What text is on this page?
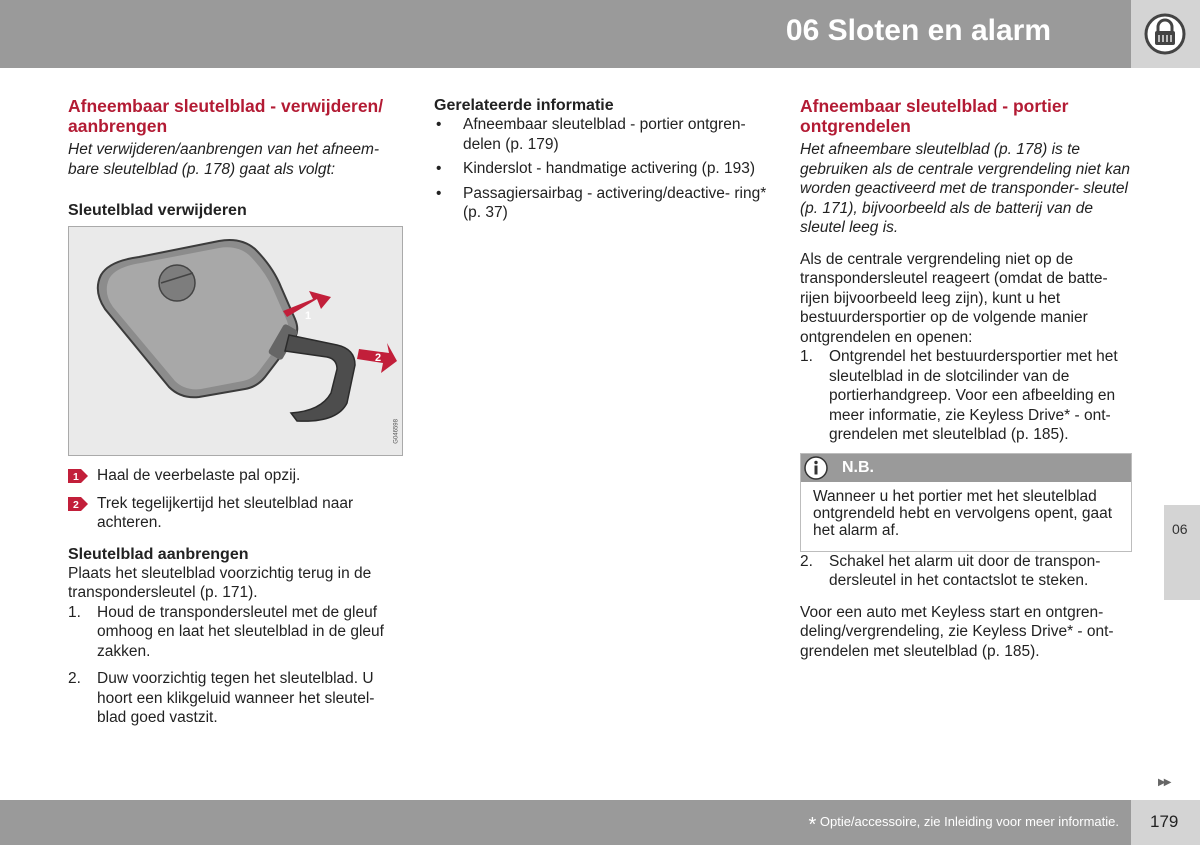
06 Sloten en alarm
Afneembaar sleutelblad - verwijderen/ aanbrengen

Het verwijderen/aanbrengen van het afneem- bare sleutelblad (p. 178) gaat als volgt:

Sleutelblad verwijderen
1
2
G046598
1 Haal de veerbelaste pal opzij.

2 Trek tegelijkertijd het sleutelblad naar achteren.

Sleutelblad aanbrengen

Plaats het sleutelblad voorzichtig terug in de transpondersleutel (p. 171).

1. Houd de transpondersleutel met de gleuf omhoog en laat het sleutelblad in de gleuf zakken.
2. Duw voorzichtig tegen het sleutelblad. U hoort een klikgeluid wanneer het sleutel- blad goed vastzit.
Gerelateerde informatie
• Afneembaar sleutelblad - portier ontgren- delen (p. 179)
• Kinderslot - handmatige activering (p. 193)
• Passagiersairbag - activering/deactive- ring* (p. 37)
Afneembaar sleutelblad - portier ontgrendelen

Het afneembare sleutelblad (p. 178) is te gebruiken als de centrale vergrendeling niet kan worden geactiveerd met de transponder- sleutel (p. 171), bijvoorbeeld als de batterij van de sleutel leeg is.

Als de centrale vergrendeling niet op de transpondersleutel reageert (omdat de batte- rijen bijvoorbeeld leeg zijn), kunt u het bestuurdersportier op de volgende manier ontgrendelen en openen:

1. Ontgrendel het bestuurdersportier met het sleutelblad in de slotcilinder van de portierhandgreep. Voor een afbeelding en meer informatie, zie Keyless Drive* - ont- grendelen met sleutelblad (p. 185).
N.B.
Wanneer u het portier met het sleutelblad ontgrendeld hebt en vervolgens opent, gaat het alarm af.
2. Schakel het alarm uit door de transpon- dersleutel in het contactslot te steken.

Voor een auto met Keyless start en ontgren- deling/vergrendeling, zie Keyless Drive* - ont- grendelen met sleutelblad (p. 185).

06
▶▶
* Optie/accessoire, zie Inleiding voor meer informatie. 179
